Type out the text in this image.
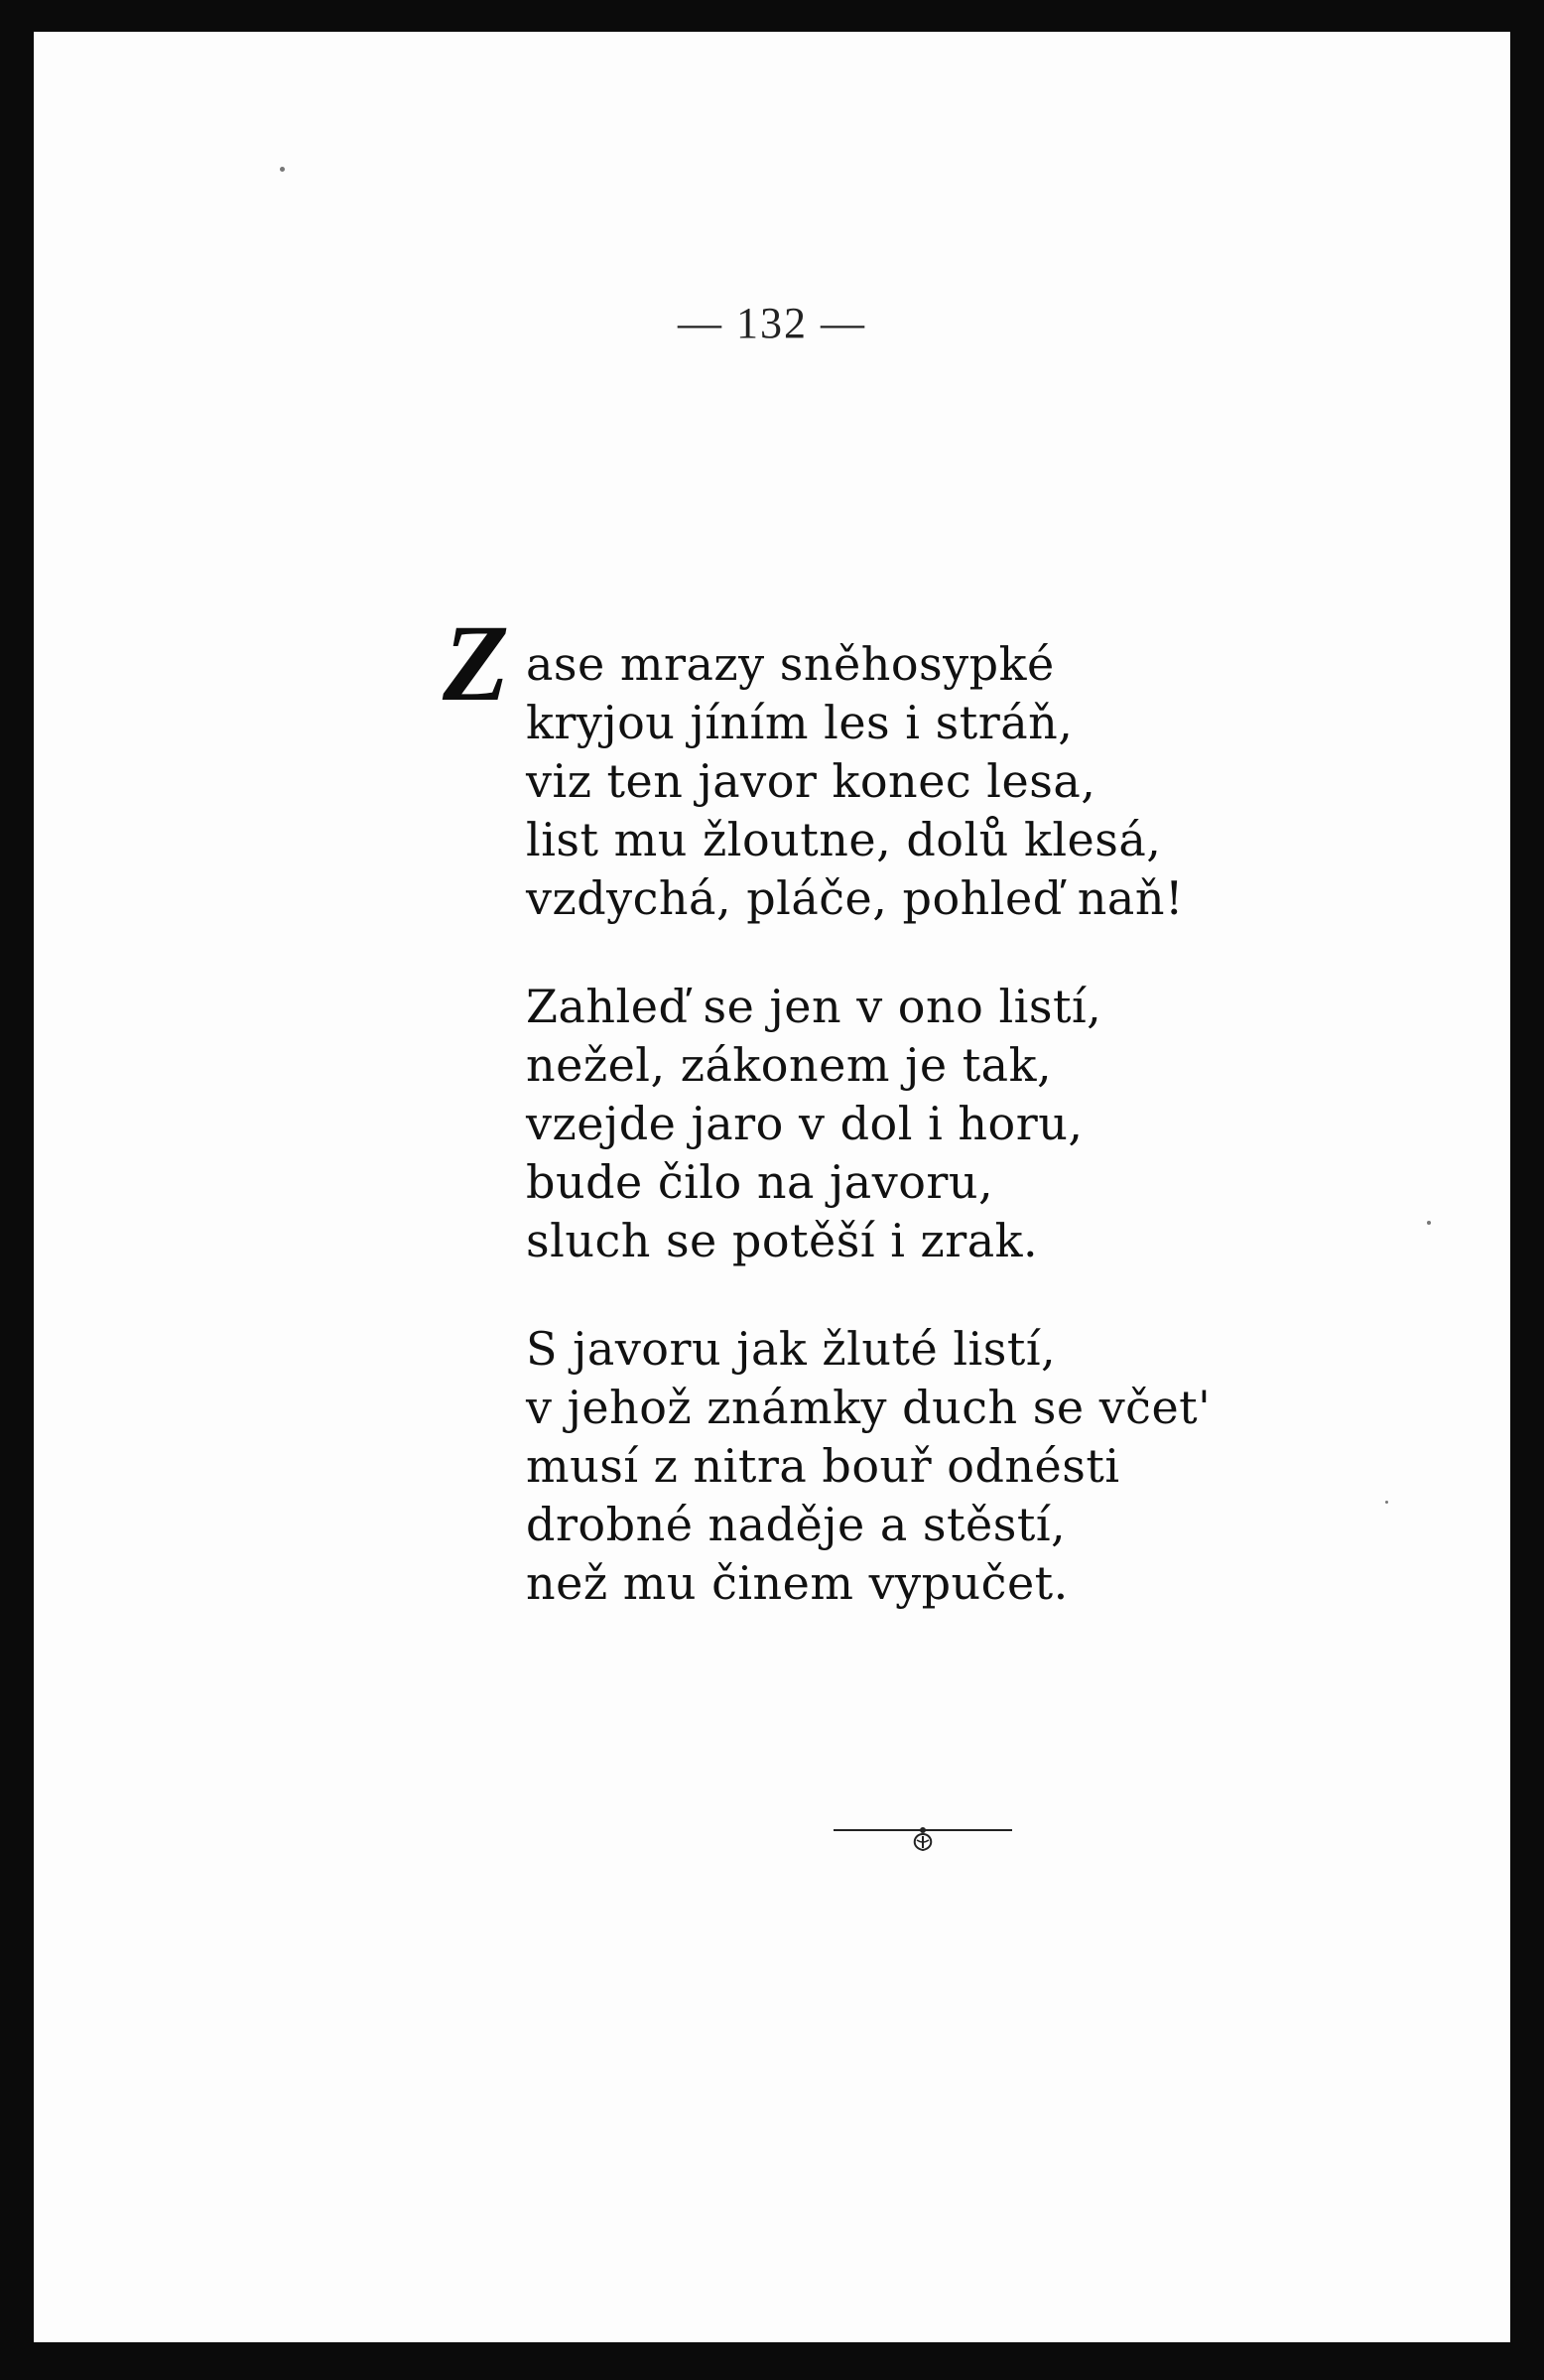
— 132 —
Z ase mrazy sněhosypké
kryjou jíním les i stráň,
viz ten javor konec lesa,
list mu žloutne, dolů klesá,
vzdychá, pláče, pohleď naň!
Zahleď se jen v ono listí,
nežel, zákonem je tak,
vzejde jaro v dol i horu,
bude čilo na javoru,
sluch se potěší i zrak.
S javoru jak žluté listí,
v jehož známky duch se včet'
musí z nitra bouř odnésti
drobné naděje a stěstí,
než mu činem vypučet.
